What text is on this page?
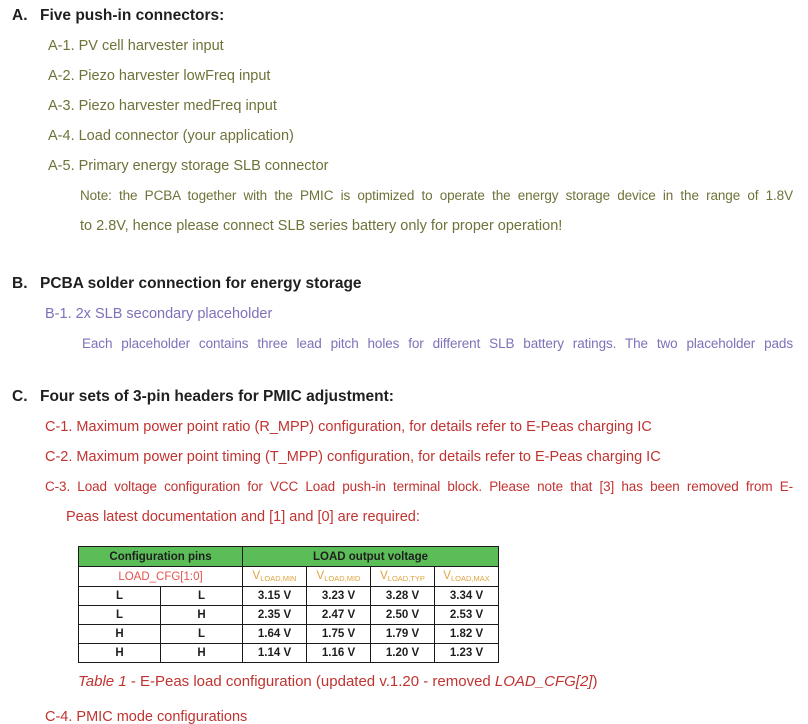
A. Five push-in connectors:
A-1. PV cell harvester input
A-2. Piezo harvester lowFreq input
A-3. Piezo harvester medFreq input
A-4. Load connector (your application)
A-5. Primary energy storage SLB connector
Note: the PCBA together with the PMIC is optimized to operate the energy storage device in the range of 1.8V
to 2.8V, hence please connect SLB series battery only for proper operation!
B. PCBA solder connection for energy storage
B-1. 2x SLB secondary placeholder
Each placeholder contains three lead pitch holes for different SLB battery ratings. The two placeholder pads
C. Four sets of 3-pin headers for PMIC adjustment:
C-1. Maximum power point ratio (R_MPP) configuration, for details refer to E-Peas charging IC
C-2. Maximum power point timing (T_MPP) configuration, for details refer to E-Peas charging IC
C-3. Load voltage configuration for VCC Load push-in terminal block. Please note that [3] has been removed from E-
Peas latest documentation and [1] and [0] are required:
Configuration pins		LOAD output voltage			
LOAD_CFG[1:0]		$V_{LOAD,MIN}$	$V_{LOAD,MID}$	$V_{LOAD,TYP}$	$V_{LOAD,MAX}$
L	L	3.15 V	3.23 V	3.28 V	3.34 V
L	H	2.35 V	2.47 V	2.50 V	2.53 V
H	L	1.64 V	1.75 V	1.79 V	1.82 V
H	H	1.14 V	1.16 V	1.20 V	1.23 V
Table 1 - E-Peas load configuration (updated v.1.20 - removed LOAD_CFG[2])
C-4. PMIC mode configurations
